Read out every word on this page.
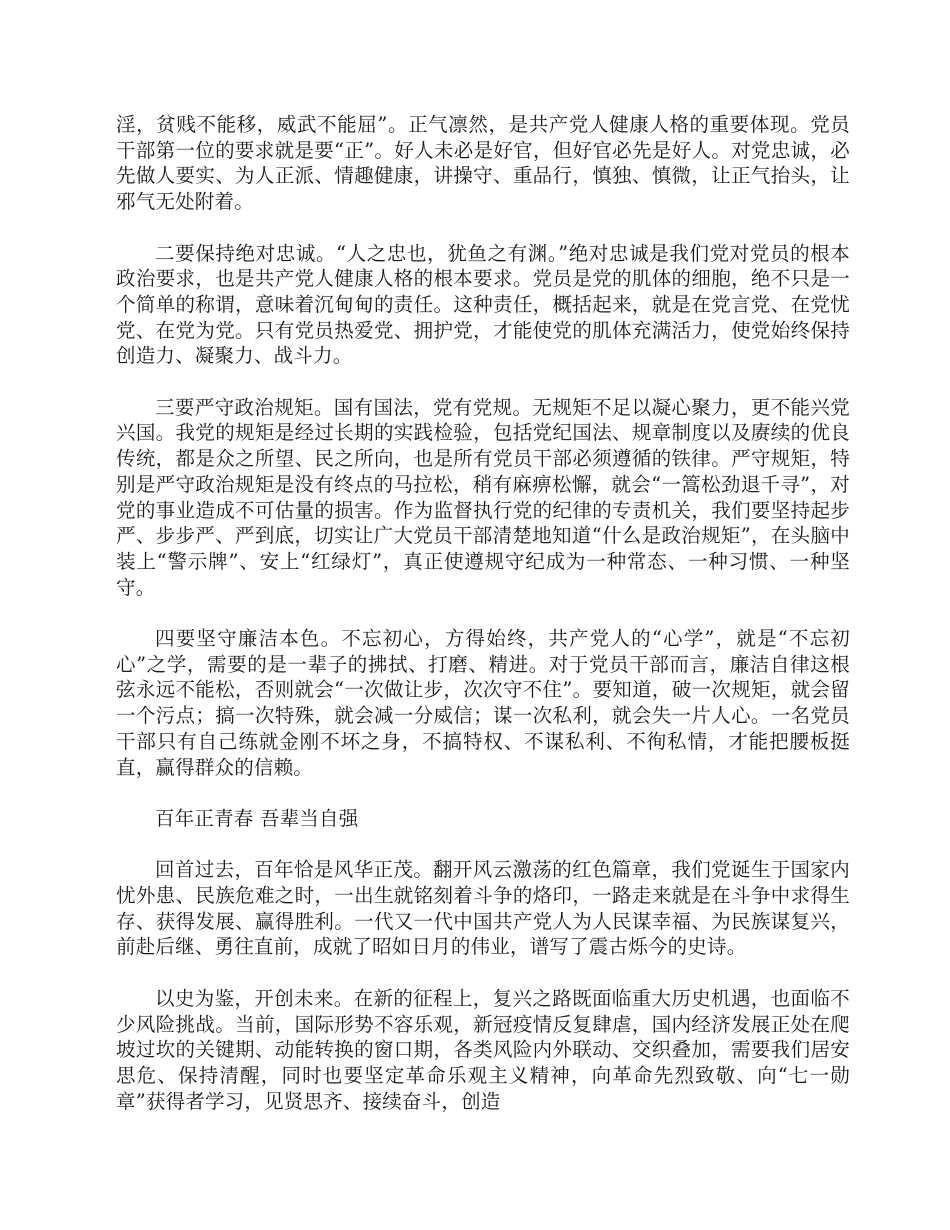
淫，贫贱不能移，威武不能屈”。正气凛然，是共产党人健康人格的重要体现。党员干部第一位的要求就是要“正”。好人未必是好官，但好官必先是好人。对党忠诚，必先做人要实、为人正派、情趣健康，讲操守、重品行，慎独、慎微，让正气抬头，让邪气无处附着。

二要保持绝对忠诚。“人之忠也，犹鱼之有渊。”绝对忠诚是我们党对党员的根本政治要求，也是共产党人健康人格的根本要求。党员是党的肌体的细胞，绝不只是一个简单的称谓，意味着沉甸甸的责任。这种责任，概括起来，就是在党言党、在党忧党、在党为党。只有党员热爱党、拥护党，才能使党的肌体充满活力，使党始终保持创造力、凝聚力、战斗力。

三要严守政治规矩。国有国法，党有党规。无规矩不足以凝心聚力，更不能兴党兴国。我党的规矩是经过长期的实践检验，包括党纪国法、规章制度以及赓续的优良传统，都是众之所望、民之所向，也是所有党员干部必须遵循的铁律。严守规矩，特别是严守政治规矩是没有终点的马拉松，稍有麻痹松懈，就会“一篙松劲退千寻”，对党的事业造成不可估量的损害。作为监督执行党的纪律的专责机关，我们要坚持起步严、步步严、严到底，切实让广大党员干部清楚地知道“什么是政治规矩”，在头脑中装上“警示牌”、安上“红绿灯”，真正使遵规守纪成为一种常态、一种习惯、一种坚守。

四要坚守廉洁本色。不忘初心，方得始终，共产党人的“心学”，就是“不忘初心”之学，需要的是一辈子的拂拭、打磨、精进。对于党员干部而言，廉洁自律这根弦永远不能松，否则就会“一次做让步，次次守不住”。要知道，破一次规矩，就会留一个污点；搞一次特殊，就会减一分威信；谋一次私利，就会失一片人心。一名党员干部只有自己练就金刚不坏之身，不搞特权、不谋私利、不徇私情，才能把腰板挺直，赢得群众的信赖。

百年正青春 吾辈当自强

回首过去，百年恰是风华正茂。翻开风云激荡的红色篇章，我们党诞生于国家内忧外患、民族危难之时，一出生就铭刻着斗争的烙印，一路走来就是在斗争中求得生存、获得发展、赢得胜利。一代又一代中国共产党人为人民谋幸福、为民族谋复兴，前赴后继、勇往直前，成就了昭如日月的伟业，谱写了震古烁今的史诗。

以史为鉴，开创未来。在新的征程上，复兴之路既面临重大历史机遇，也面临不少风险挑战。当前，国际形势不容乐观，新冠疫情反复肆虐，国内经济发展正处在爬坡过坎的关键期、动能转换的窗口期，各类风险内外联动、交织叠加，需要我们居安思危、保持清醒，同时也要坚定革命乐观主义精神，向革命先烈致敬、向“七一勋章”获得者学习，见贤思齐、接续奋斗，创造
